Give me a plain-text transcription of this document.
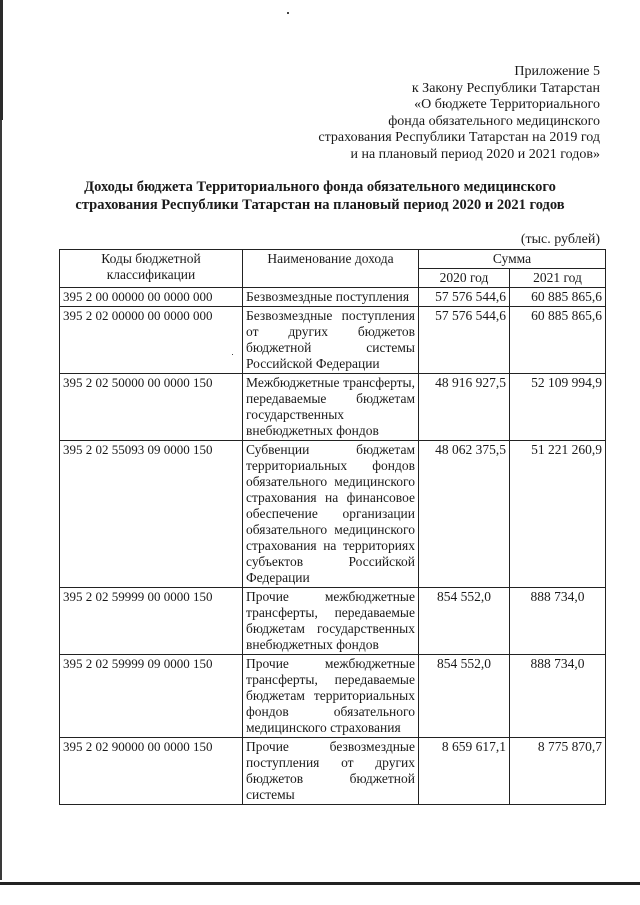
Приложение 5
к Закону Республики Татарстан
«О бюджете Территориального
фонда обязательного медицинского
страхования Республики Татарстан на 2019 год
и на плановый период 2020 и 2021 годов»
Доходы бюджета Территориального фонда обязательного медицинского
страхования Республики Татарстан на плановый период 2020 и 2021 годов
(тыс. рублей)
Коды бюджетной классификации	Наименование дохода	Сумма	
		2020 год	2021 год
395 2 00 00000 00 0000 000	Безвозмездные поступления	57 576 544,6	60 885 865,6
395 2 02 00000 00 0000 000	Безвозмездные поступления от других бюджетов бюджетной системы Российской Федерации	57 576 544,6	60 885 865,6
395 2 02 50000 00 0000 150	Межбюджетные трансферты, передаваемые бюджетам государственных внебюджетных фондов	48 916 927,5	52 109 994,9
395 2 02 55093 09 0000 150	Субвенции бюджетам территориальных фондов обязательного медицинского страхования на финансовое обеспечение организации обязательного медицинского страхования на территориях субъектов Российской Федерации	48 062 375,5	51 221 260,9
395 2 02 59999 00 0000 150	Прочие межбюджетные трансферты, передаваемые бюджетам государственных внебюджетных фондов	854 552,0	888 734,0
395 2 02 59999 09 0000 150	Прочие межбюджетные трансферты, передаваемые бюджетам территориальных фондов обязательного медицинского страхования	854 552,0	888 734,0
395 2 02 90000 00 0000 150	Прочие безвозмездные поступления от других бюджетов бюджетной системы	8 659 617,1	8 775 870,7
